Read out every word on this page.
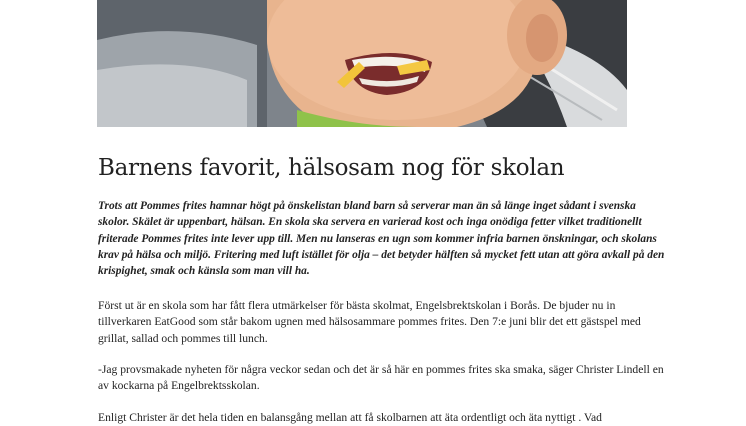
Barnens favorit, hälsosam nog för skolan

Trots att Pommes frites hamnar högt på önskelistan bland barn så serverar man än så länge inget sådant i svenska skolor. Skälet är uppenbart, hälsan. En skola ska servera en varierad kost och inga onödiga fetter vilket traditionellt friterade Pommes frites inte lever upp till. Men nu lanseras en ugn som kommer infria barnen önskningar, och skolans krav på hälsa och miljö. Fritering med luft istället för olja – det betyder hälften så mycket fett utan att göra avkall på den krispighet, smak och känsla som man vill ha.

Först ut är en skola som har fått flera utmärkelser för bästa skolmat, Engelsbrektskolan i Borås. De bjuder nu in tillverkaren EatGood som står bakom ugnen med hälsosammare pommes frites. Den 7:e juni blir det ett gästspel med grillat, sallad och pommes till lunch.

-Jag provsmakade nyheten för några veckor sedan och det är så här en pommes frites ska smaka, säger Christer Lindell en av kockarna på Engelbrektsskolan.

Enligt Christer är det hela tiden en balansgång mellan att få skolbarnen att äta ordentligt och äta nyttigt . Vad
